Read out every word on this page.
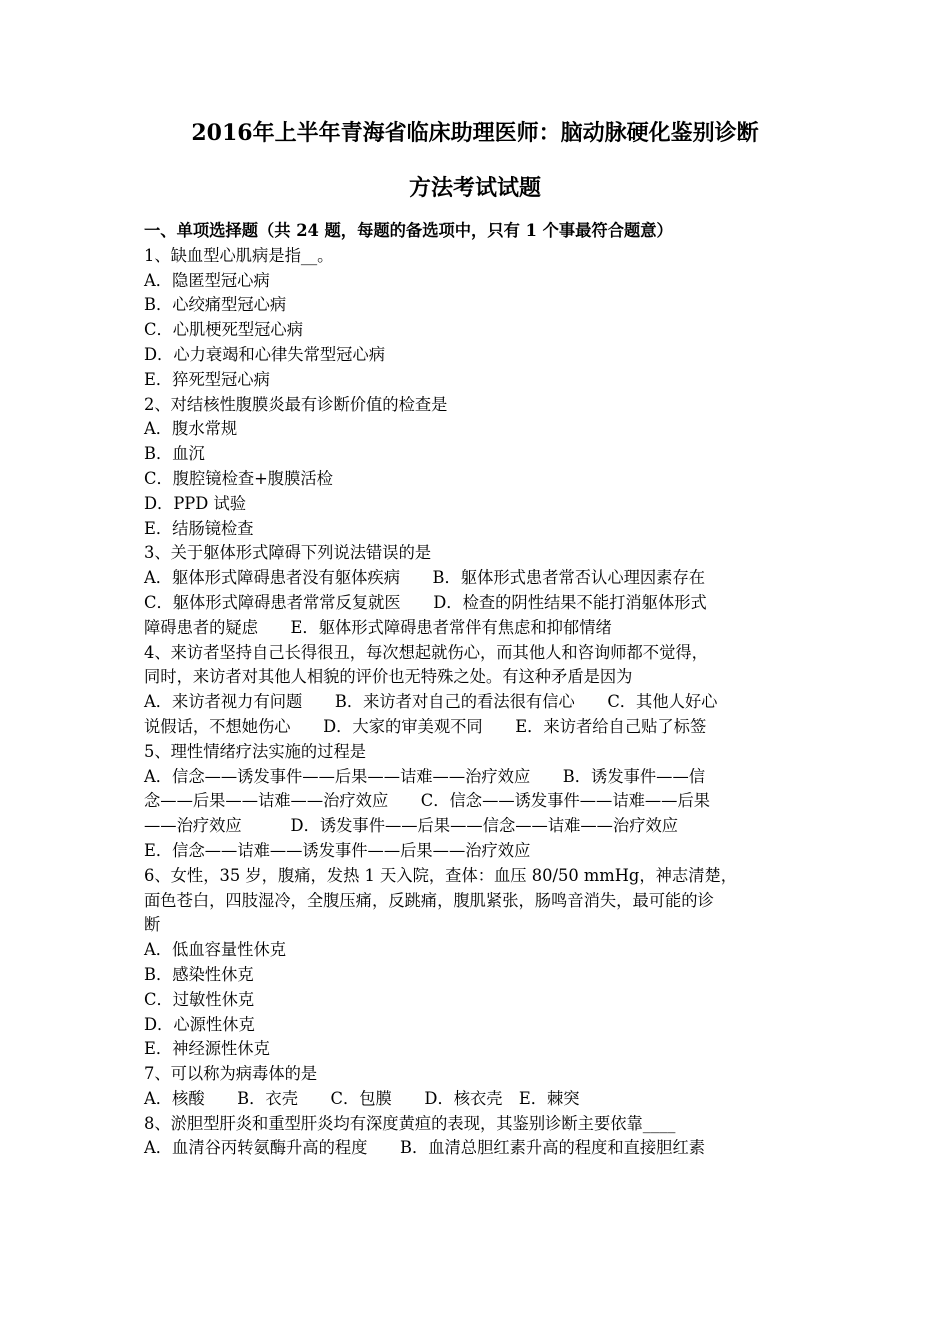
2016年上半年青海省临床助理医师：脑动脉硬化鉴别诊断
方法考试试题
一、单项选择题（共 24 题，每题的备选项中，只有 1 个事最符合题意）
1、缺血型心肌病是指__。
A．隐匿型冠心病
B．心绞痛型冠心病
C．心肌梗死型冠心病
D．心力衰竭和心律失常型冠心病
E．猝死型冠心病
2、对结核性腹膜炎最有诊断价值的检查是
A．腹水常规
B．血沉
C．腹腔镜检查+腹膜活检
D．PPD 试验
E．结肠镜检查
3、关于躯体形式障碍下列说法错误的是
A．躯体形式障碍患者没有躯体疾病　　B．躯体形式患者常否认心理因素存在
C．躯体形式障碍患者常常反复就医　　D．检查的阴性结果不能打消躯体形式
障碍患者的疑虑　　E．躯体形式障碍患者常伴有焦虑和抑郁情绪
4、来访者坚持自己长得很丑，每次想起就伤心，而其他人和咨询师都不觉得，
同时，来访者对其他人相貌的评价也无特殊之处。有这种矛盾是因为
A．来访者视力有问题　　B．来访者对自己的看法很有信心　　C．其他人好心
说假话，不想她伤心　　D．大家的审美观不同　　E．来访者给自己贴了标签
5、理性情绪疗法实施的过程是
A．信念——诱发事件——后果——诘难——治疗效应　　B．诱发事件——信
念——后果——诘难——治疗效应　　C．信念——诱发事件——诘难——后果
——治疗效应　　　D．诱发事件——后果——信念——诘难——治疗效应
E．信念——诘难——诱发事件——后果——治疗效应
6、女性，35 岁，腹痛，发热 1 天入院，查体：血压 80/50 mmHg，神志清楚，
面色苍白，四肢湿冷，全腹压痛，反跳痛，腹肌紧张，肠鸣音消失，最可能的诊
断
A．低血容量性休克
B．感染性休克
C．过敏性休克
D．心源性休克
E．神经源性休克
7、可以称为病毒体的是
A．核酸　　B．衣壳　　C．包膜　　D．核衣壳　E．棘突
8、淤胆型肝炎和重型肝炎均有深度黄疸的表现，其鉴别诊断主要依靠____
A．血清谷丙转氨酶升高的程度　　B．血清总胆红素升高的程度和直接胆红素
